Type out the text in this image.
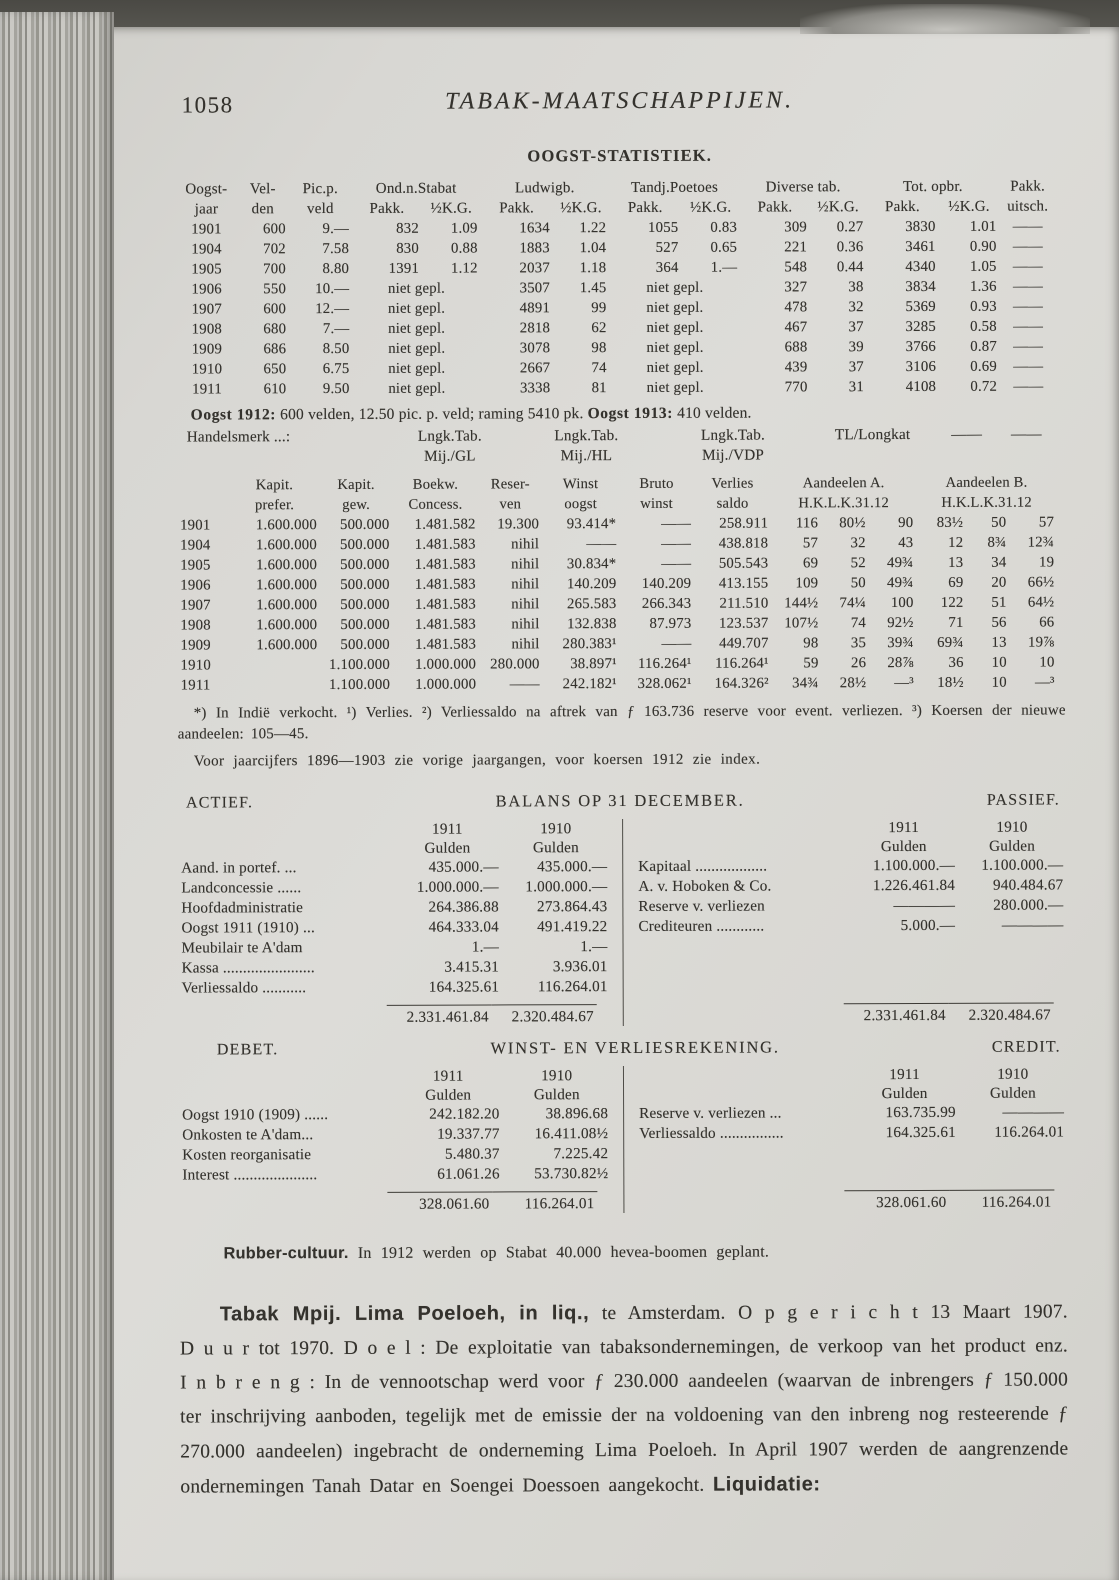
1058	TABAK-MAATSCHAPPIJEN.
OOGST-STATISTIEK.
Oogst-	Vel-	Pic.p.	Ond.n.Stabat		Ludwigb.		Tandj.Poetoes		Diverse tab.		Tot. opbr.		Pakk.
jaar	den	veld	Pakk.	½K.G.	Pakk.	½K.G.	Pakk.	½K.G.	Pakk.	½K.G.	Pakk.	½K.G.	uitsch.
1901	600	9.—	832	1.09	1634	1.22	1055	0.83	309	0.27	3830	1.01	——
1904	702	7.58	830	0.88	1883	1.04	527	0.65	221	0.36	3461	0.90	——
1905	700	8.80	1391	1.12	2037	1.18	364	1.—	548	0.44	4340	1.05	——
1906	550	10.—	niet gepl.		3507	1.45	niet gepl.		327	38	3834	1.36	——
1907	600	12.—	niet gepl.		4891	99	niet gepl.		478	32	5369	0.93	——
1908	680	7.—	niet gepl.		2818	62	niet gepl.		467	37	3285	0.58	——
1909	686	8.50	niet gepl.		3078	98	niet gepl.		688	39	3766	0.87	——
1910	650	6.75	niet gepl.		2667	74	niet gepl.		439	37	3106	0.69	——
1911	610	9.50	niet gepl.		3338	81	niet gepl.		770	31	4108	0.72	——
Oogst 1912: 600 velden, 12.50 pic. p. veld; raming 5410 pk. Oogst 1913: 410 velden.
Handelsmerk ...:	Lngk.Tab.	Lngk.Tab.	Lngk.Tab.	TL/Longkat	——	——
	Mij./GL	Mij./HL	Mij./VDP			
	Kapit.	Kapit.	Boekw.	Reser-	Winst	Bruto	Verlies	Aandeelen A.			Aandeelen B.		
	prefer.	gew.	Concess.	ven	oogst	winst	saldo	H.K.L.K.31.12			H.K.L.K.31.12		
1901	1.600.000	500.000	1.481.582	19.300	93.414*	——	258.911	116	80½	90	83½	50	57
1904	1.600.000	500.000	1.481.583	nihil	——	——	438.818	57	32	43	12	8¾	12¾
1905	1.600.000	500.000	1.481.583	nihil	30.834*	——	505.543	69	52	49¾	13	34	19
1906	1.600.000	500.000	1.481.583	nihil	140.209	140.209	413.155	109	50	49¾	69	20	66½
1907	1.600.000	500.000	1.481.583	nihil	265.583	266.343	211.510	144½	74¼	100	122	51	64½
1908	1.600.000	500.000	1.481.583	nihil	132.838	87.973	123.537	107½	74	92½	71	56	66
1909	1.600.000	500.000	1.481.583	nihil	280.383¹	——	449.707	98	35	39¾	69¾	13	19⅞
1910		1.100.000	1.000.000	280.000	38.897¹	116.264¹	116.264¹	59	26	28⅞	36	10	10
1911		1.100.000	1.000.000	——	242.182¹	328.062¹	164.326²	34¾	28½	—³	18½	10	—³
*) In Indië verkocht. ¹) Verlies. ²) Verliessaldo na aftrek van ƒ 163.736 reserve voor event. verliezen. ³) Koersen der nieuwe aandeelen: 105—45.
Voor jaarcijfers 1896—1903 zie vorige jaargangen, voor koersen 1912 zie index.
ACTIEF.	BALANS OP 31 DECEMBER.	PASSIEF.
	1911	1910
	Gulden	Gulden
Aand. in portef. ...	435.000.—	435.000.—
Landconcessie ......	1.000.000.—	1.000.000.—
Hoofdadministratie	264.386.88	273.864.43
Oogst 1911 (1910) ...	464.333.04	491.419.22
Meubilair te A'dam	1.—	1.—
Kassa .......................	3.415.31	3.936.01
Verliessaldo ...........	164.325.61	116.264.01
2.331.461.84	2.320.484.67
	1911	1910
	Gulden	Gulden
Kapitaal ..................	1.100.000.—	1.100.000.—
A. v. Hoboken & Co.	1.226.461.84	940.484.67
Reserve v. verliezen	————	280.000.—
Crediteuren ............	5.000.—	————
2.331.461.84	2.320.484.67
DEBET.	WINST- EN VERLIESREKENING.	CREDIT.
	1911	1910
	Gulden	Gulden
Oogst 1910 (1909) ......	242.182.20	38.896.68
Onkosten te A'dam...	19.337.77	16.411.08½
Kosten reorganisatie	5.480.37	7.225.42
Interest .....................	61.061.26	53.730.82½
328.061.60	116.264.01
	1911	1910
	Gulden	Gulden
Reserve v. verliezen ...	163.735.99	————
Verliessaldo ................	164.325.61	116.264.01
328.061.60	116.264.01
Rubber-cultuur. In 1912 werden op Stabat 40.000 hevea-boomen geplant.
Tabak Mpij. Lima Poeloeh, in liq., te Amsterdam. O p g e r i c h t 13 Maart 1907. D u u r tot 1970. D o e l : De exploitatie van tabaksondernemingen, de verkoop van het product enz. I n b r e n g : In de vennootschap werd voor ƒ 230.000 aandeelen (waarvan de inbrengers ƒ 150.000 ter inschrijving aanboden, tegelijk met de emissie der na voldoening van den inbreng nog resteerende ƒ 270.000 aandeelen) ingebracht de onderneming Lima Poeloeh. In April 1907 werden de aangrenzende ondernemingen Tanah Datar en Soengei Doessoen aangekocht. Liquidatie:
